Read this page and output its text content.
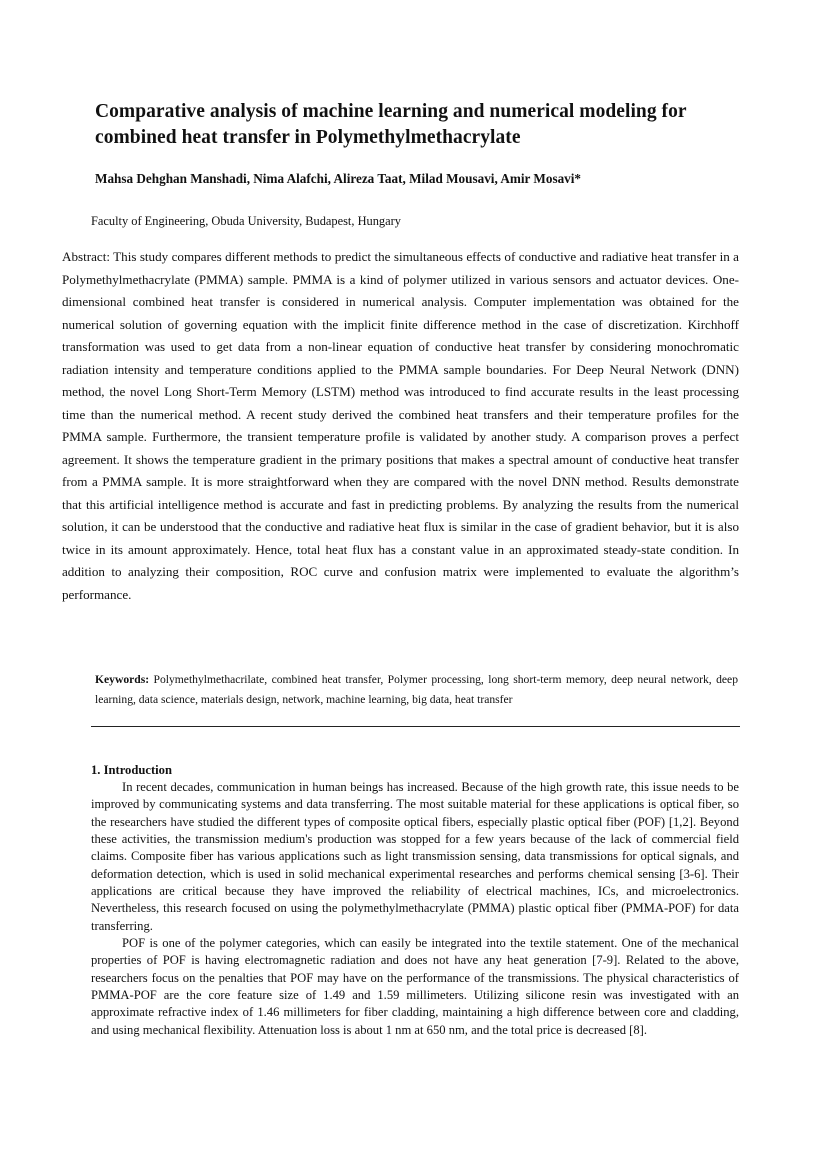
Comparative analysis of machine learning and numerical modeling for combined heat transfer in Polymethylmethacrylate

Mahsa Dehghan Manshadi, Nima Alafchi, Alireza Taat, Milad Mousavi, Amir Mosavi*

Faculty of Engineering, Obuda University, Budapest, Hungary

Abstract: This study compares different methods to predict the simultaneous effects of conductive and radiative heat transfer in a Polymethylmethacrylate (PMMA) sample. PMMA is a kind of polymer utilized in various sensors and actuator devices. One-dimensional combined heat transfer is considered in numerical analysis. Computer implementation was obtained for the numerical solution of governing equation with the implicit finite difference method in the case of discretization. Kirchhoff transformation was used to get data from a non-linear equation of conductive heat transfer by considering monochromatic radiation intensity and temperature conditions applied to the PMMA sample boundaries. For Deep Neural Network (DNN) method, the novel Long Short-Term Memory (LSTM) method was introduced to find accurate results in the least processing time than the numerical method. A recent study derived the combined heat transfers and their temperature profiles for the PMMA sample. Furthermore, the transient temperature profile is validated by another study. A comparison proves a perfect agreement. It shows the temperature gradient in the primary positions that makes a spectral amount of conductive heat transfer from a PMMA sample. It is more straightforward when they are compared with the novel DNN method. Results demonstrate that this artificial intelligence method is accurate and fast in predicting problems. By analyzing the results from the numerical solution, it can be understood that the conductive and radiative heat flux is similar in the case of gradient behavior, but it is also twice in its amount approximately. Hence, total heat flux has a constant value in an approximated steady-state condition. In addition to analyzing their composition, ROC curve and confusion matrix were implemented to evaluate the algorithm’s performance.

Keywords: Polymethylmethacrilate, combined heat transfer, Polymer processing, long short-term memory, deep neural network, deep learning, data science, materials design, network, machine learning, big data, heat transfer

1. Introduction

In recent decades, communication in human beings has increased. Because of the high growth rate, this issue needs to be improved by communicating systems and data transferring. The most suitable material for these applications is optical fiber, so the researchers have studied the different types of composite optical fibers, especially plastic optical fiber (POF) [1,2]. Beyond these activities, the transmission medium's production was stopped for a few years because of the lack of commercial field claims. Composite fiber has various applications such as light transmission sensing, data transmissions for optical signals, and deformation detection, which is used in solid mechanical experimental researches and performs chemical sensing [3-6]. Their applications are critical because they have improved the reliability of electrical machines, ICs, and microelectronics. Nevertheless, this research focused on using the polymethylmethacrylate (PMMA) plastic optical fiber (PMMA-POF) for data transferring.

POF is one of the polymer categories, which can easily be integrated into the textile statement. One of the mechanical properties of POF is having electromagnetic radiation and does not have any heat generation [7-9]. Related to the above, researchers focus on the penalties that POF may have on the performance of the transmissions. The physical characteristics of PMMA-POF are the core feature size of 1.49 and 1.59 millimeters. Utilizing silicone resin was investigated with an approximate refractive index of 1.46 millimeters for fiber cladding, maintaining a high difference between core and cladding, and using mechanical flexibility. Attenuation loss is about 1 nm at 650 nm, and the total price is decreased [8].
